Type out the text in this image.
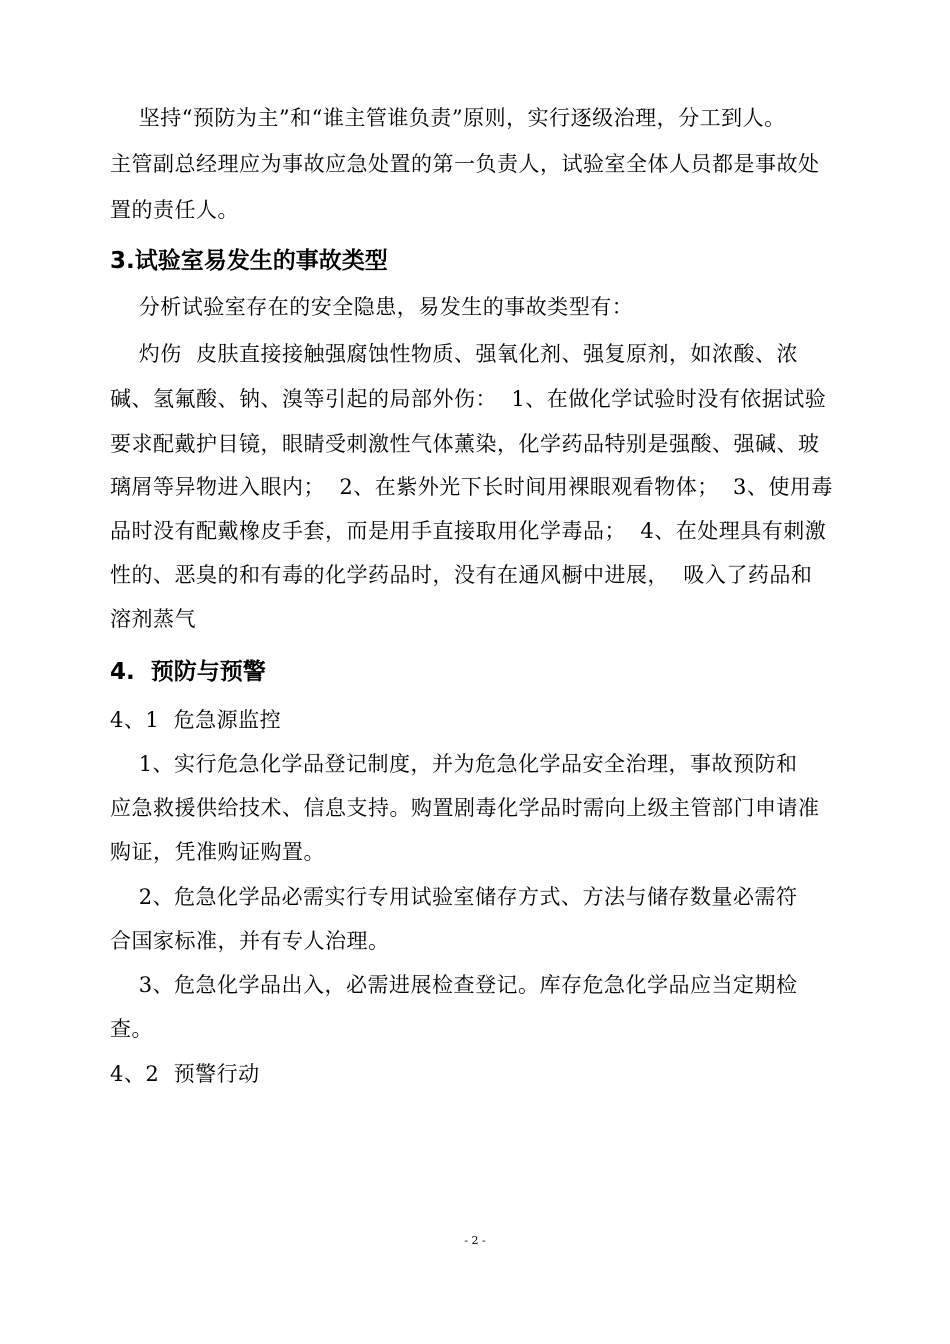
坚持“预防为主”和“谁主管谁负责”原则，实行逐级治理，分工到人。
主管副总经理应为事故应急处置的第一负责人，试验室全体人员都是事故处
置的责任人。
3.试验室易发生的事故类型
分析试验室存在的安全隐患，易发生的事故类型有：
灼伤  皮肤直接接触强腐蚀性物质、强氧化剂、强复原剂，如浓酸、浓
碱、氢氟酸、钠、溴等引起的局部外伤：  1、在做化学试验时没有依据试验
要求配戴护目镜，眼睛受刺激性气体薰染，化学药品特别是强酸、强碱、玻
璃屑等异物进入眼内；  2、在紫外光下长时间用裸眼观看物体；  3、使用毒
品时没有配戴橡皮手套，而是用手直接取用化学毒品；  4、在处理具有刺激
性的、恶臭的和有毒的化学药品时，没有在通风橱中进展，  吸入了药品和
溶剂蒸气
4.  预防与预警
4、1  危急源监控
1、实行危急化学品登记制度，并为危急化学品安全治理，事故预防和
应急救援供给技术、信息支持。购置剧毒化学品时需向上级主管部门申请准
购证，凭准购证购置。
2、危急化学品必需实行专用试验室储存方式、方法与储存数量必需符
合国家标准，并有专人治理。
3、危急化学品出入，必需进展检查登记。库存危急化学品应当定期检
查。
4、2  预警行动
- 2 -
